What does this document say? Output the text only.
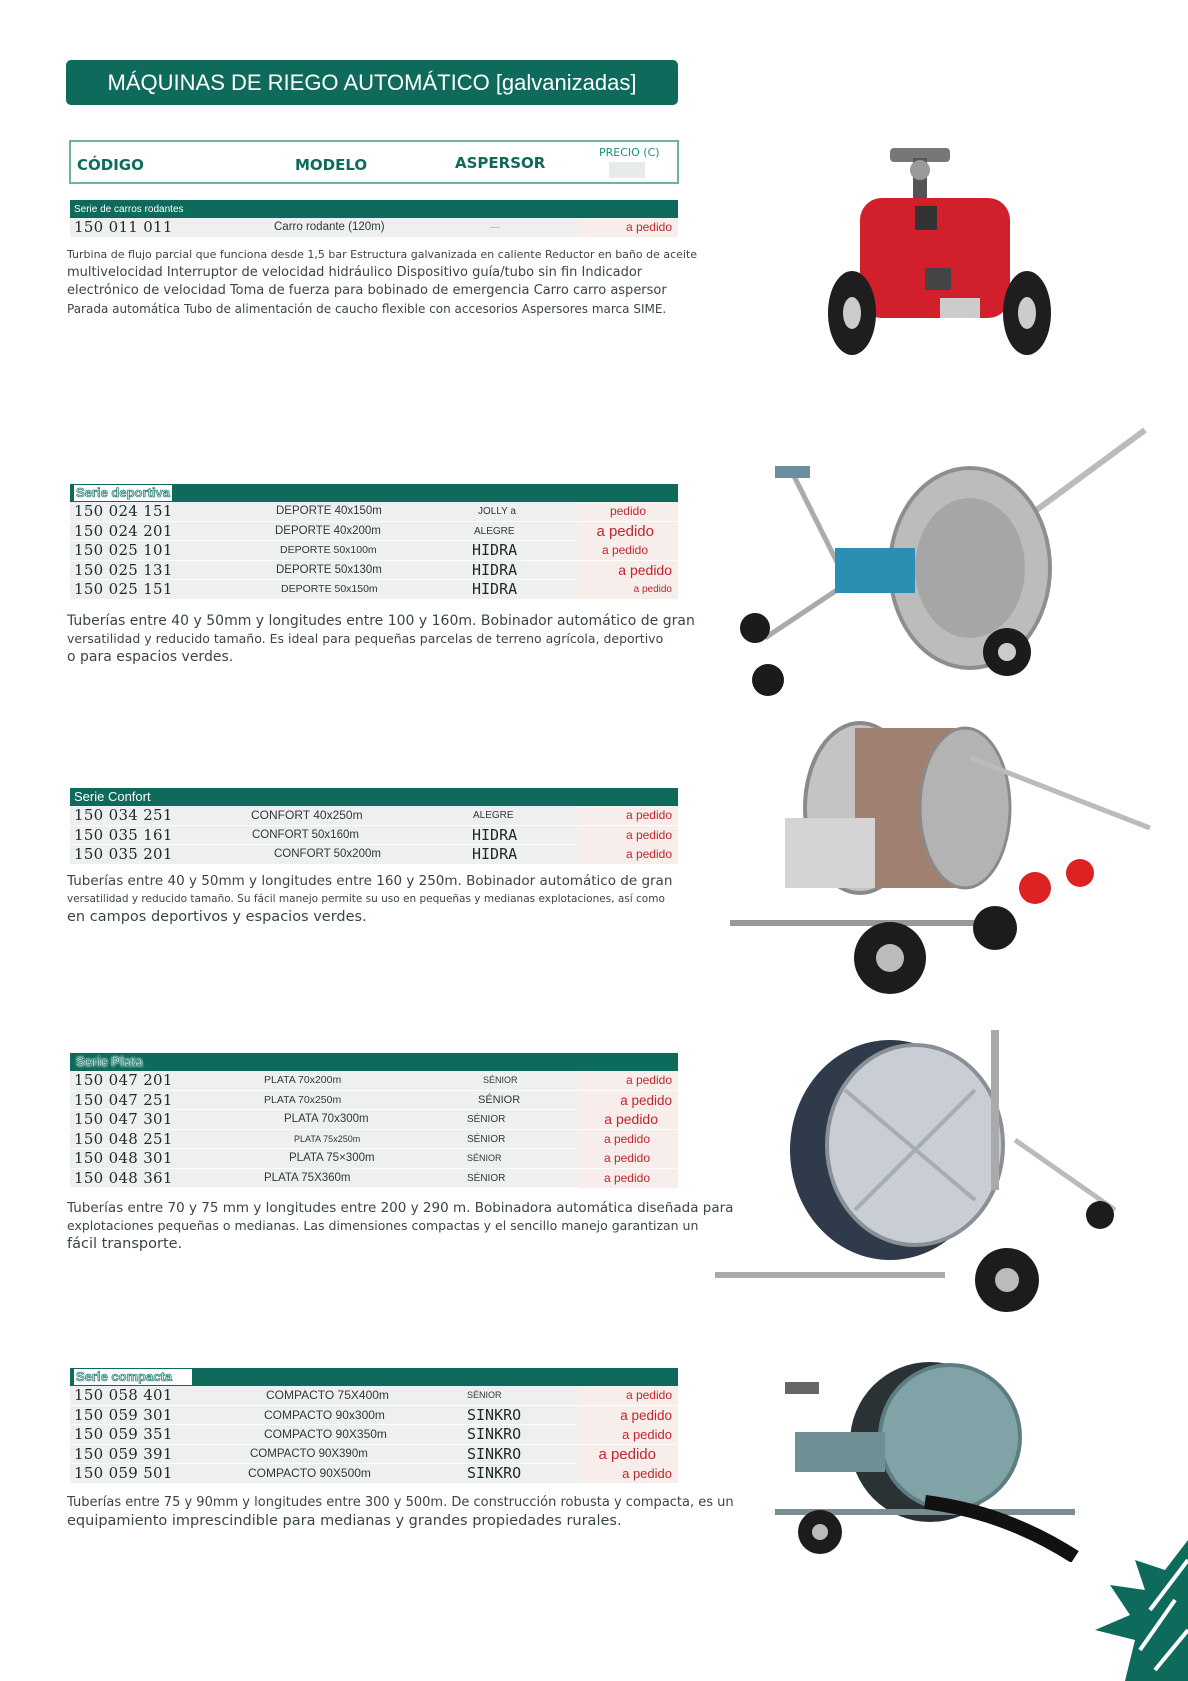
MÁQUINAS DE RIEGO AUTOMÁTICO [galvanizadas]
CÓDIGO	MODELO	ASPERSOR
PRECIO (C)
Serie de carros rodantes
150 011 011	Carro rodante (120m)	—	a pedido

Turbina de flujo parcial que funciona desde 1,5 bar Estructura galvanizada en caliente Reductor en baño de aceite

multivelocidad Interruptor de velocidad hidráulico Dispositivo guía/tubo sin fin Indicador

electrónico de velocidad Toma de fuerza para bobinado de emergencia Carro carro aspersor

Parada automática Tubo de alimentación de caucho flexible con accesorios Aspersores marca SIME.

Serie deportiva
150 024 151	DEPORTE 40x150m	JOLLY a	pedido
150 024 201	DEPORTE 40x200m	ALEGRE	a pedido
150 025 101	DEPORTE 50x100m	HIDRA	a pedido
150 025 131	DEPORTE 50x130m	HIDRA	a pedido
150 025 151	DEPORTE 50x150m	HIDRA	a pedido

Tuberías entre 40 y 50mm y longitudes entre 100 y 160m. Bobinador automático de gran

versatilidad y reducido tamaño. Es ideal para pequeñas parcelas de terreno agrícola, deportivo

o para espacios verdes.

Serie Confort
150 034 251	CONFORT 40x250m	ALEGRE	a pedido
150 035 161	CONFORT 50x160m	HIDRA	a pedido
150 035 201	CONFORT 50x200m	HIDRA	a pedido

Tuberías entre 40 y 50mm y longitudes entre 160 y 250m. Bobinador automático de gran

versatilidad y reducido tamaño. Su fácil manejo permite su uso en pequeñas y medianas explotaciones, así como

en campos deportivos y espacios verdes.

Serie Plata
150 047 201	PLATA 70x200m	SÉNIOR	a pedido
150 047 251	PLATA 70x250m	SÉNIOR	a pedido
150 047 301	PLATA 70x300m	SÉNIOR	a pedido
150 048 251	PLATA 75x250m	SÉNIOR	a pedido
150 048 301	PLATA 75×300m	SÉNIOR	a pedido
150 048 361	PLATA 75X360m	SÉNIOR	a pedido

Tuberías entre 70 y 75 mm y longitudes entre 200 y 290 m. Bobinadora automática diseñada para

explotaciones pequeñas o medianas. Las dimensiones compactas y el sencillo manejo garantizan un

fácil transporte.

Serie compacta
150 058 401	COMPACTO 75X400m	SÉNIOR	a pedido
150 059 301	COMPACTO 90x300m	SINKRO	a pedido
150 059 351	COMPACTO 90X350m	SINKRO	a pedido
150 059 391	COMPACTO 90X390m	SINKRO	a pedido
150 059 501	COMPACTO 90X500m	SINKRO	a pedido

Tuberías entre 75 y 90mm y longitudes entre 300 y 500m. De construcción robusta y compacta, es un

equipamiento imprescindible para medianas y grandes propiedades rurales.
